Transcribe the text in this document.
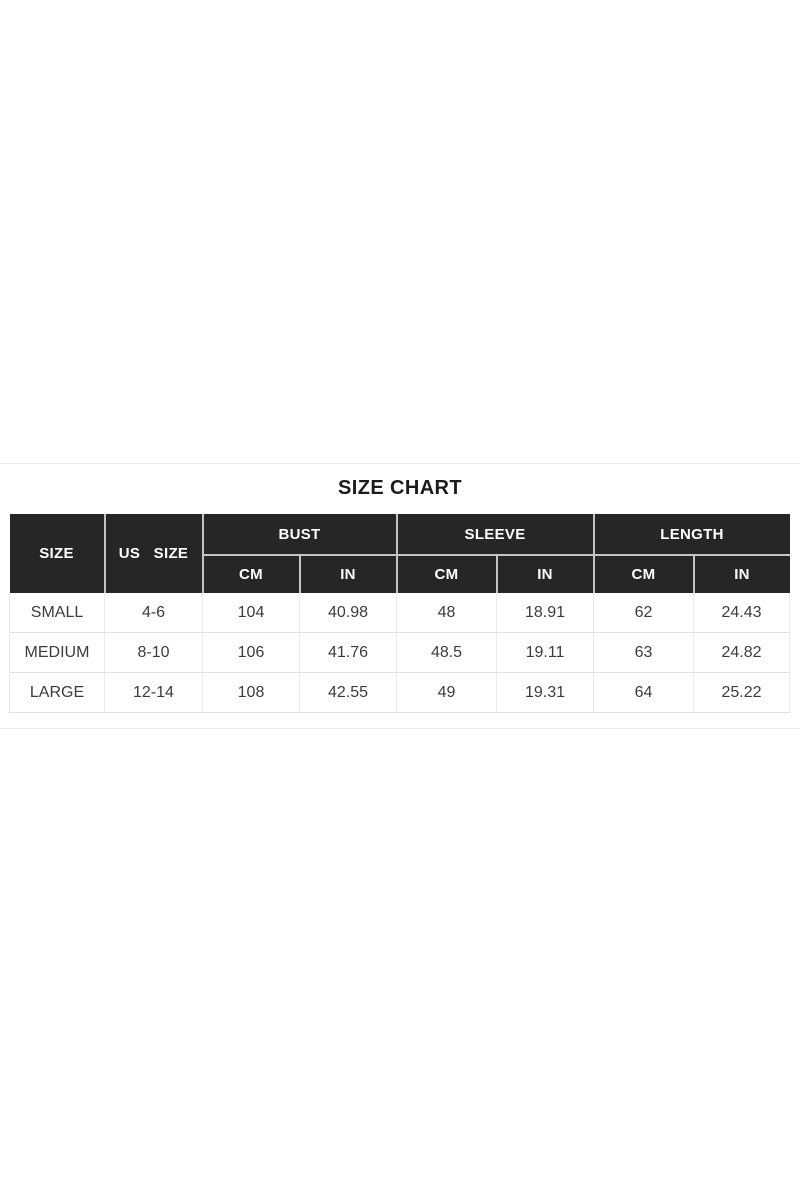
SIZE CHART
SIZE	US SIZE	BUST		SLEEVE		LENGTH	
		CM	IN	CM	IN	CM	IN
SMALL	4-6	104	40.98	48	18.91	62	24.43
MEDIUM	8-10	106	41.76	48.5	19.11	63	24.82
LARGE	12-14	108	42.55	49	19.31	64	25.22
